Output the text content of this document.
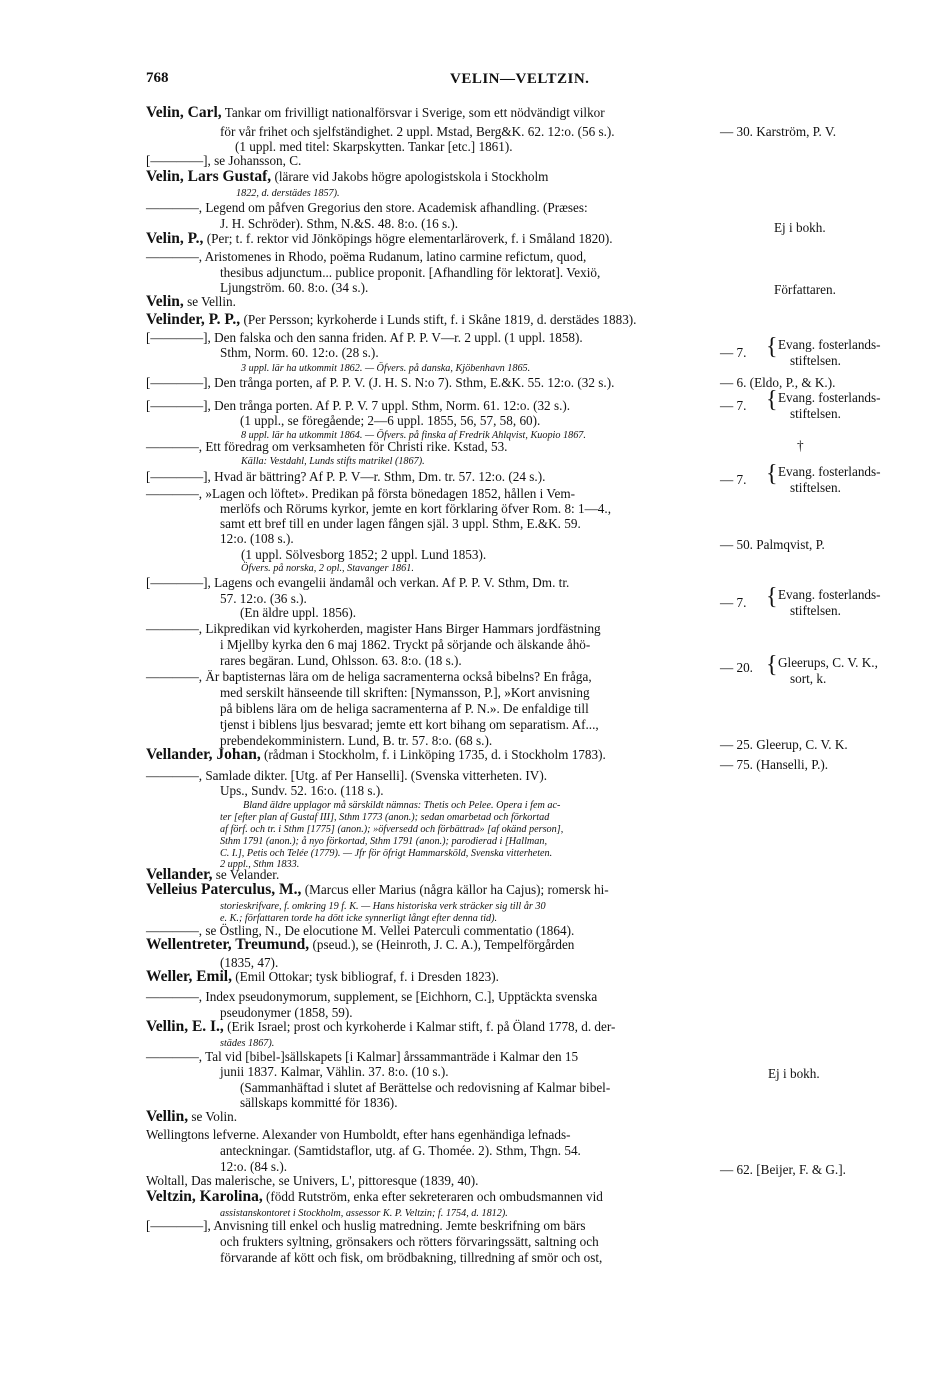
768	VELIN—VELTZIN.
Velin, Carl, Tankar om frivilligt nationalförsvar i Sverige, som ett nödvändigt vilkor
för vår frihet och sjelfständighet. 2 uppl. Mstad, Berg&K. 62. 12:o. (56 s.).
(1 uppl. med titel: Skarpskytten. Tankar [etc.] 1861).
[————], se Johansson, C.
Velin, Lars Gustaf, (lärare vid Jakobs högre apologistskola i Stockholm
1822, d. derstädes 1857).
————, Legend om påfven Gregorius den store. Academisk afhandling. (Præses:
J. H. Schröder). Sthm, N.&S. 48. 8:o. (16 s.).
Velin, P., (Per; t. f. rektor vid Jönköpings högre elementarläroverk, f. i Småland 1820).
————, Aristomenes in Rhodo, poëma Rudanum, latino carmine refictum, quod,
thesibus adjunctum... publice proponit. [Afhandling för lektorat]. Vexiö,
Ljungström. 60. 8:o. (34 s.).
Velin, se Vellin.
Velinder, P. P., (Per Persson; kyrkoherde i Lunds stift, f. i Skåne 1819, d. derstädes 1883).
[————], Den falska och den sanna friden. Af P. P. V—r. 2 uppl. (1 uppl. 1858).
Sthm, Norm. 60. 12:o. (28 s.).
3 uppl. lär ha utkommit 1862. — Öfvers. på danska, Kjöbenhavn 1865.
[————], Den trånga porten, af P. P. V. (J. H. S. N:o 7). Sthm, E.&K. 55. 12:o. (32 s.).
[————], Den trånga porten. Af P. P. V. 7 uppl. Sthm, Norm. 61. 12:o. (32 s.).
(1 uppl., se föregående; 2—6 uppl. 1855, 56, 57, 58, 60).
8 uppl. lär ha utkommit 1864. — Öfvers. på finska af Fredrik Ahlqvist, Kuopio 1867.
————, Ett föredrag om verksamheten för Christi rike. Kstad, 53.
Källa: Vestdahl, Lunds stifts matrikel (1867).
[————], Hvad är bättring? Af P. P. V—r. Sthm, Dm. tr. 57. 12:o. (24 s.).
————, »Lagen och löftet». Predikan på första bönedagen 1852, hållen i Vem-
merlöfs och Rörums kyrkor, jemte en kort förklaring öfver Rom. 8: 1—4.,
samt ett bref till en under lagen fången själ. 3 uppl. Sthm, E.&K. 59.
12:o. (108 s.).
(1 uppl. Sölvesborg 1852; 2 uppl. Lund 1853).
Öfvers. på norska, 2 opl., Stavanger 1861.
[————], Lagens och evangelii ändamål och verkan. Af P. P. V. Sthm, Dm. tr.
57. 12:o. (36 s.).
(En äldre uppl. 1856).
————, Likpredikan vid kyrkoherden, magister Hans Birger Hammars jordfästning
i Mjellby kyrka den 6 maj 1862. Tryckt på sörjande och älskande åhö-
rares begäran. Lund, Ohlsson. 63. 8:o. (18 s.).
————, Är baptisternas lära om de heliga sacramenterna också bibelns? En fråga,
med serskilt hänseende till skriften: [Nymansson, P.], »Kort anvisning
på biblens lära om de heliga sacramenterna af P. N.». De enfaldige till
tjenst i biblens ljus besvarad; jemte ett kort bihang om separatism. Af...,
prebendekomministern. Lund, B. tr. 57. 8:o. (68 s.).
Vellander, Johan, (rådman i Stockholm, f. i Linköping 1735, d. i Stockholm 1783).
————, Samlade dikter. [Utg. af Per Hanselli]. (Svenska vitterheten. IV).
Ups., Sundv. 52. 16:o. (118 s.).
Bland äldre upplagor må särskildt nämnas: Thetis och Pelee. Opera i fem ac-
ter [efter plan af Gustaf III], Sthm 1773 (anon.); sedan omarbetad och förkortad
af förf. och tr. i Sthm [1775] (anon.); »öfversedd och förbättrad» [af okänd person],
Sthm 1791 (anon.); å nyo förkortad, Sthm 1791 (anon.); parodierad i [Hallman,
C. I.], Petis och Telée (1779). — Jfr för öfrigt Hammarsköld, Svenska vitterheten.
2 uppl., Sthm 1833.
Vellander, se Velander.
Velleius Paterculus, M., (Marcus eller Marius (några källor ha Cajus); romersk hi-
storieskrifvare, f. omkring 19 f. K. — Hans historiska verk sträcker sig till år 30
e. K.; författaren torde ha dött icke synnerligt långt efter denna tid).
————, se Östling, N., De elocutione M. Vellei Paterculi commentatio (1864).
Wellentreter, Treumund, (pseud.), se (Heinroth, J. C. A.), Tempelförgården
(1835, 47).
Weller, Emil, (Emil Ottokar; tysk bibliograf, f. i Dresden 1823).
————, Index pseudonymorum, supplement, se [Eichhorn, C.], Upptäckta svenska
pseudonymer (1858, 59).
Vellin, E. I., (Erik Israel; prost och kyrkoherde i Kalmar stift, f. på Öland 1778, d. der-
städes 1867).
————, Tal vid [bibel-]sällskapets [i Kalmar] årssammanträde i Kalmar den 15
junii 1837. Kalmar, Vählin. 37. 8:o. (10 s.).
(Sammanhäftad i slutet af Berättelse och redovisning af Kalmar bibel-
sällskaps kommitté för 1836).
Vellin, se Volin.
Wellingtons lefverne. Alexander von Humboldt, efter hans egenhändiga lefnads-
anteckningar. (Samtidstaflor, utg. af G. Thomée. 2). Sthm, Thgn. 54.
12:o. (84 s.).
Woltall, Das malerische, se Univers, L', pittoresque (1839, 40).
Veltzin, Karolina, (född Rutström, enka efter sekreteraren och ombudsmannen vid
assistanskontoret i Stockholm, assessor K. P. Veltzin; f. 1754, d. 1812).
[————], Anvisning till enkel och huslig matredning. Jemte beskrifning om bärs
och frukters syltning, grönsakers och rötters förvaringssätt, saltning och
förvarande af kött och fisk, om brödbakning, tillredning af smör och ost,
— 30. Karström, P. V.
Ej i bokh.
Författaren.
— 7.
Evang. fosterlands-
stiftelsen.
— 6. (Eldo, P., & K.).
— 7.
Evang. fosterlands-
stiftelsen.
†
— 7.
Evang. fosterlands-
stiftelsen.
— 50. Palmqvist, P.
— 7.
Evang. fosterlands-
stiftelsen.
— 20. Gleerups, C. V. K.,
sort, k.
— 25. Gleerup, C. V. K.
— 75. (Hanselli, P.).
Ej i bokh.
— 62. [Beijer, F. & G.].
{
{
{
{
{
